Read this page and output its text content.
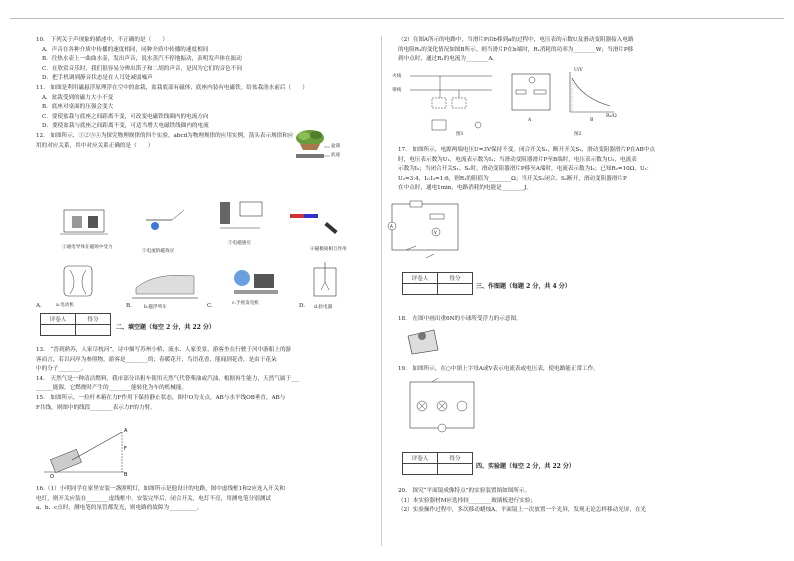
10.　下列关于声现象的描述中，不正确的是（　　）
A．声音在各种介质中传播的速度相同，同种介质中传播的速度相同
B．往热水壶上一曲曲水壶，发出声音，说水蒸汽不停地振动，表明发声体在振动
C．在欣赏音乐时，我们很容易分辨出笛子和二胡的声音，是因为它们的音色不同
D．把手机调到静音状态是在人耳处减弱噪声
11.　如图是利用磁悬浮原理浮在空中的盆栽，盆栽底部有磁体，底座内装有电磁铁。给盆栽浇水前后（　　）
A．盆栽受到的磁力大小不变
B．底座对桌面的压强会变大
C．要使盆栽与底座之间距离不变，可改变电磁铁线圈内的电流方向
D．要使盆栽与底座之间距离不变，可适当增大电磁铁线圈内的电流
12.　如图所示，①②③④为探究物理规律的四个实验，abcd为物理规律的应用实例，箭头表示规律和应
用的对应关系，其中对应关系正确的是（　　）	盆栽
底座
①通电导体在磁场中受力
②电流的磁效应
③电磁感应
④磁极间相互作用
a.电动机	b.磁浮列车
c.手摇发电机
d.验电器
A.	B.	C.	D.
评卷人	得分

二、填空题（每空 2 分，共 22 分）
13.　“晋到熟苏，人家尽枕河”。诗中描写苏州小桥、流水、人家美景，游客坐在行驶于河中游船上的游
客而言，若以河岸为参照物，游客是________的；春暖花开，鸟语花香，能闻到花香，是由于花朵
中的分子________。
14.　天然气是一种清洁燃料，我市部分出租车使用天然气代替柴油或汽油，根据再生能力，天然气属于___
______能源，它燃烧时产生的________能转化为车的机械能。
15.　如图所示，一拉杆木箱在力F作用下保持静止状态，图中O为支点，AB与水平线OB垂直，AB与
F共线，则图中的线段________表示力F的力臂。
A
F
B
O
16.（1）小明同学在家里安装一盏照明灯，如图所示是他设计的电路，图中虚线框1和2应连入开关和
电灯，则开关应装在________虚线框中。安装完毕后，闭合开关，电灯不亮，用测电笔分别测试
a、b、c点时，测电笔的氖管都发光，则电路的故障为__________。
（2）在图A所示的电路中，当滑片P由b移到a的过程中，电压表的示数U及滑动变阻器接入电路
的电阻R₂的变化情况如图B所示。则当滑片P在b端时，R₁消耗的功率为________W；当滑片P移
到中点时，通过R₁的电流为________A。
火线
零线
图1
A	B
图2
U/V
R₂/Ω
17.　如图所示，电源两端电压U=3V保持不变。闭合开关S₁，断开开关S₂，滑动变阻器滑片P在AB中点
时，电压表示数为U₁，电流表示数为I₁；当滑动变阻器滑片P至B端时，电压表示数为U₂，电流表
示数为I₂；当闭合开关S₁、S₂时，滑动变阻器滑片P移至A端时，电流表示数为I₃；已知R₂=10Ω，U₁:
U₂=3:4，I₂:I₃=1:6，则R₁的阻值为________Ω；当开关S₁闭合、S₂断开，滑动变阻器滑片P
在中点时，通电1min，电路消耗的电能是________J。
A
V
评卷人	得分

三、作图题（每题 2 分，共 4 分）
18.　在图中画出重6N的小球所受浮力的示意图。
19.　如图所示，在○中填上字母A或V表示电流表或电压表，使电路能正常工作。
评卷人	得分

四、实验题（每空 2 分，共 22 分）
20.　探究“平面镜成像特点”的实验装置图如图所示。
（1）本实验器材M应选择较________玻璃板进行实验；
（2）实验操作过程中，多次移动蜡烛A，平面镜上一次放置一个光屏，发现无论怎样移动光屏，在光
